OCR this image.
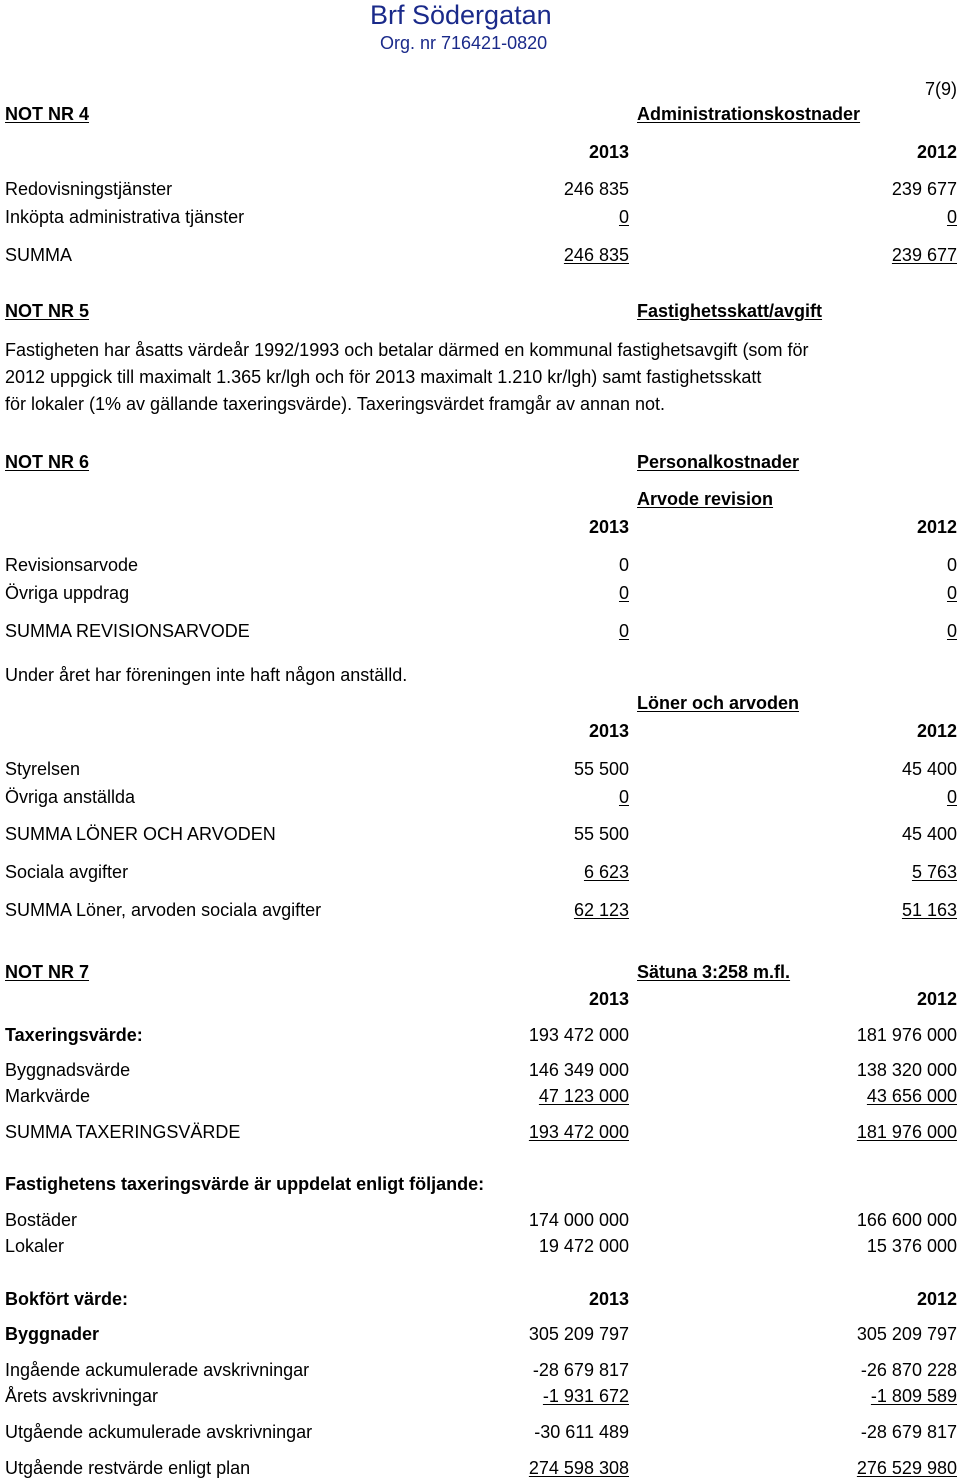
Brf Södergatan
Org. nr 716421-0820
7(9)
NOT NR 4	Administrationskostnader
2013	2012
Redovisningstjänster	246 835	239 677
Inköpta administrativa tjänster	0	0
SUMMA	246 835	239 677
NOT NR 5	Fastighetsskatt/avgift
Fastigheten har åsatts värdeår 1992/1993 och betalar därmed en kommunal fastighetsavgift (som för
2012 uppgick till maximalt 1.365 kr/lgh och för 2013 maximalt 1.210 kr/lgh) samt fastighetsskatt
för lokaler (1% av gällande taxeringsvärde). Taxeringsvärdet framgår av annan not.
NOT NR 6	Personalkostnader
Arvode revision
2013	2012
Revisionsarvode	0	0
Övriga uppdrag	0	0
SUMMA REVISIONSARVODE	0	0
Under året har föreningen inte haft någon anställd.
Löner och arvoden
2013	2012
Styrelsen	55 500	45 400
Övriga anställda	0	0
SUMMA LÖNER OCH ARVODEN	55 500	45 400
Sociala avgifter	6 623	5 763
SUMMA Löner, arvoden sociala avgifter	62 123	51 163
NOT NR 7	Sätuna 3:258 m.fl.
2013	2012
Taxeringsvärde:	193 472 000	181 976 000
Byggnadsvärde	146 349 000	138 320 000
Markvärde	47 123 000	43 656 000
SUMMA TAXERINGSVÄRDE	193 472 000	181 976 000
Fastighetens taxeringsvärde är uppdelat enligt följande:
Bostäder	174 000 000	166 600 000
Lokaler	19 472 000	15 376 000
Bokfört värde:	2013	2012
Byggnader	305 209 797	305 209 797
Ingående ackumulerade avskrivningar	-28 679 817	-26 870 228
Årets avskrivningar	-1 931 672	-1 809 589
Utgående ackumulerade avskrivningar	-30 611 489	-28 679 817
Utgående restvärde enligt plan	274 598 308	276 529 980
